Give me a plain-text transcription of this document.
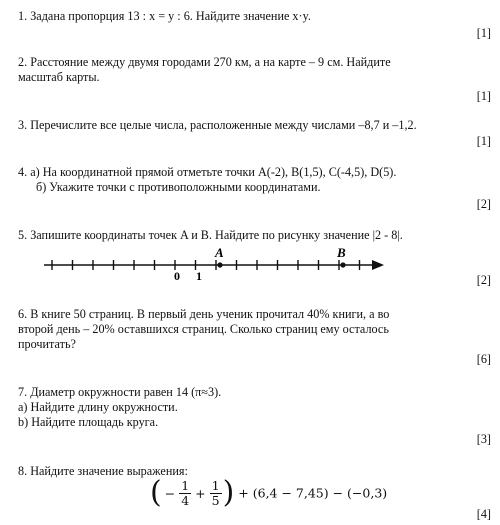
1. Задана пропорция 13 : x = y : 6. Найдите значение x·y.
[1]
2. Расстояние между двумя городами 270 км, а на карте – 9 см. Найдите
масштаб карты.
[1]
3. Перечислите все целые числа, расположенные между числами –8,7 и –1,2.
[1]
4. а) На координатной прямой отметьте точки A(-2), B(1,5), C(-4,5), D(5).
б) Укажите точки с противоположными координатами.
[2]
5. Запишите координаты точек A и B. Найдите по рисунку значение |2 - 8|.
A	B
0 1	[2]
6. В книге 50 страниц. В первый день ученик прочитал 40% книги, а во
второй день – 20% оставшихся страниц. Сколько страниц ему осталось
прочитать?
[6]
7. Диаметр окружности равен 14 (π≈3).
a) Найдите длину окружности.
b) Найдите площадь круга.
[3]
8. Найдите значение выражения:
( − $\frac{1}{4} + \frac{1}{5}$ ) + (6,4 − 7,45) − (−0,3)
[4]
